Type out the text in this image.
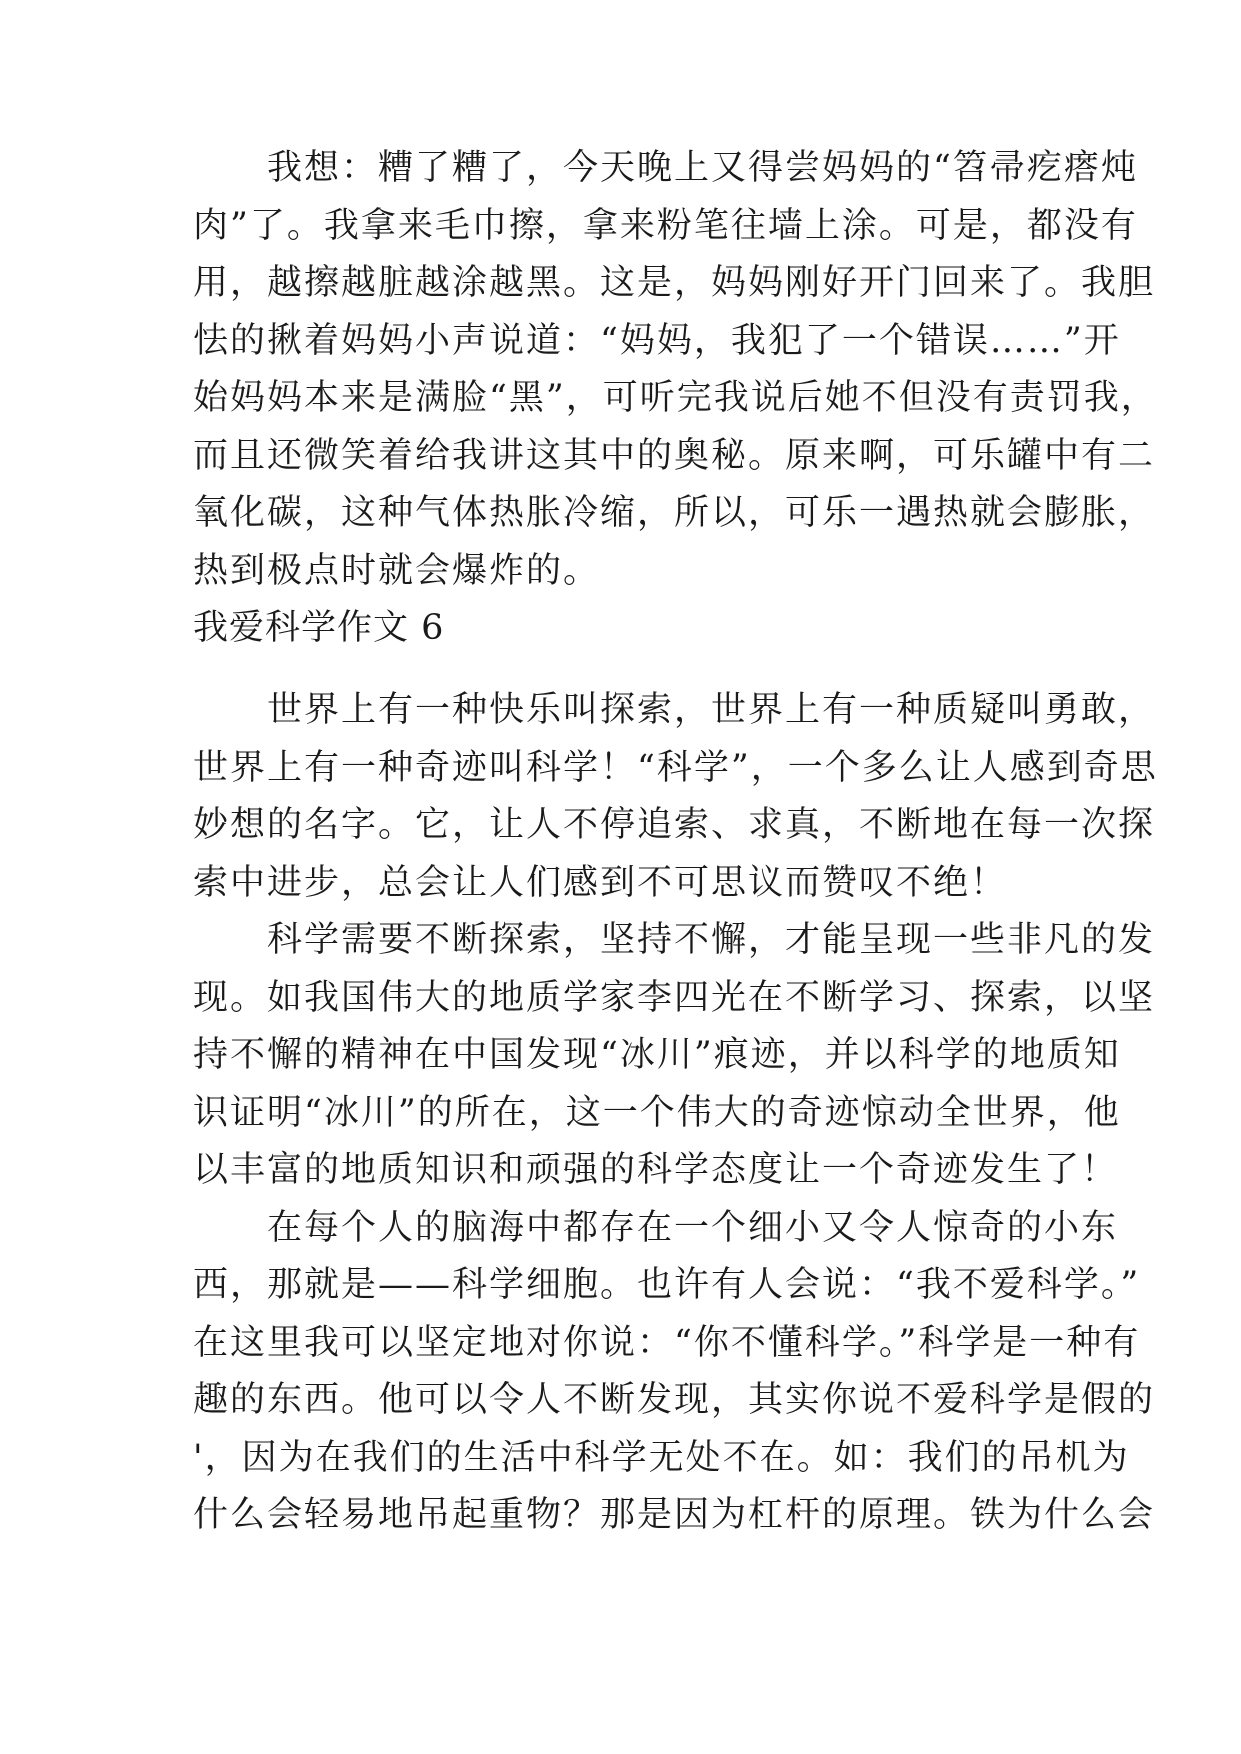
　　我想：糟了糟了，今天晚上又得尝妈妈的“笤帚疙瘩炖
肉”了。我拿来毛巾擦，拿来粉笔往墙上涂。可是，都没有
用，越擦越脏越涂越黑。这是，妈妈刚好开门回来了。我胆
怯的揪着妈妈小声说道：“妈妈，我犯了一个错误……”开
始妈妈本来是满脸“黑”，可听完我说后她不但没有责罚我，
而且还微笑着给我讲这其中的奥秘。原来啊，可乐罐中有二
氧化碳，这种气体热胀冷缩，所以，可乐一遇热就会膨胀，
热到极点时就会爆炸的。
我爱科学作文 6
　　世界上有一种快乐叫探索，世界上有一种质疑叫勇敢，
世界上有一种奇迹叫科学！“科学”，一个多么让人感到奇思
妙想的名字。它，让人不停追索、求真，不断地在每一次探
索中进步，总会让人们感到不可思议而赞叹不绝！
　　科学需要不断探索，坚持不懈，才能呈现一些非凡的发
现。如我国伟大的地质学家李四光在不断学习、探索，以坚
持不懈的精神在中国发现“冰川”痕迹，并以科学的地质知
识证明“冰川”的所在，这一个伟大的奇迹惊动全世界，他
以丰富的地质知识和顽强的科学态度让一个奇迹发生了！
　　在每个人的脑海中都存在一个细小又令人惊奇的小东
西，那就是——科学细胞。也许有人会说：“我不爱科学。”
在这里我可以坚定地对你说：“你不懂科学。”科学是一种有
趣的东西。他可以令人不断发现，其实你说不爱科学是假的
'，因为在我们的生活中科学无处不在。如：我们的吊机为
什么会轻易地吊起重物？那是因为杠杆的原理。铁为什么会
